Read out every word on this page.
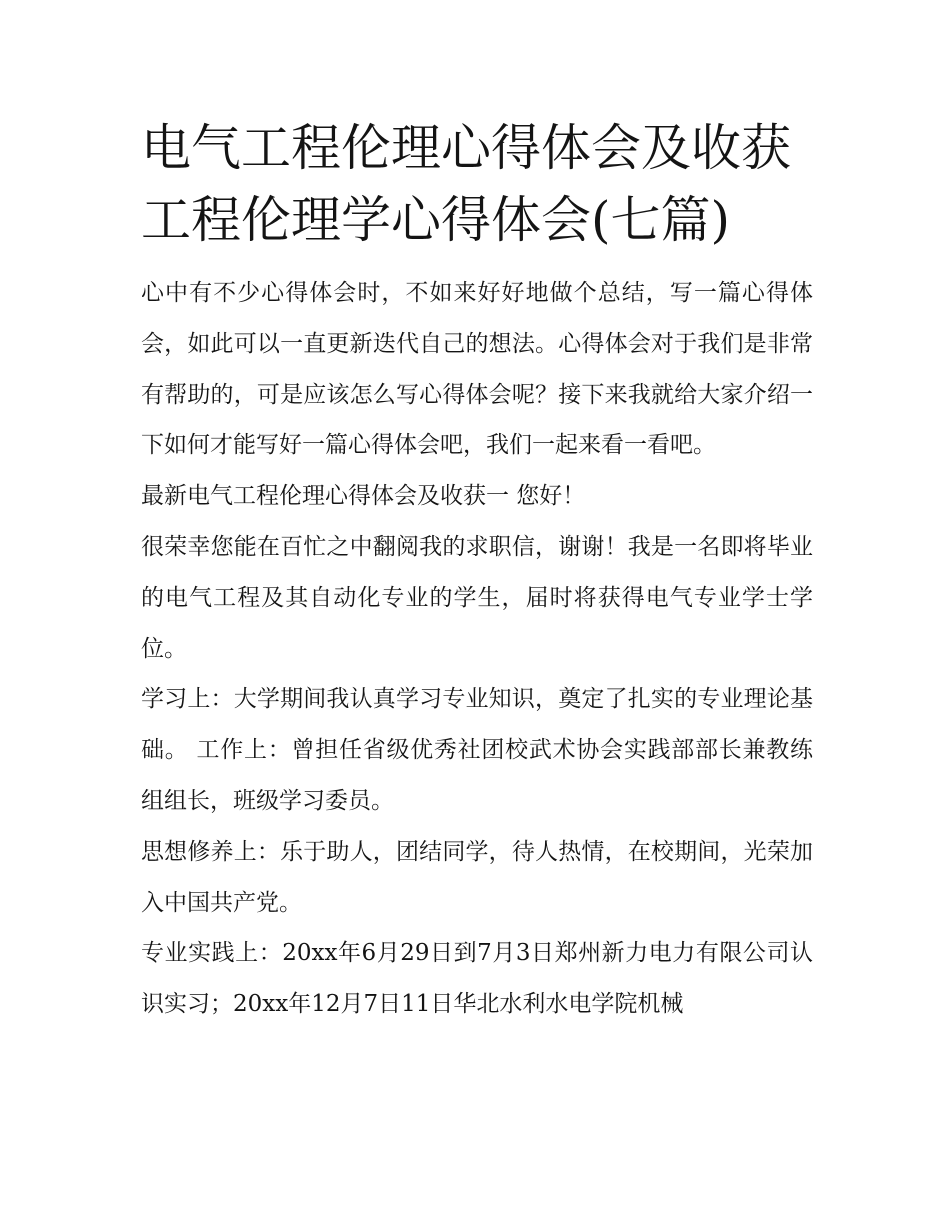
电气工程伦理心得体会及收获工程伦理学心得体会(七篇)

心中有不少心得体会时，不如来好好地做个总结，写一篇心得体会，如此可以一直更新迭代自己的想法。心得体会对于我们是非常有帮助的，可是应该怎么写心得体会呢？接下来我就给大家介绍一下如何才能写好一篇心得体会吧，我们一起来看一看吧。

最新电气工程伦理心得体会及收获一 您好！

很荣幸您能在百忙之中翻阅我的求职信，谢谢！我是一名即将毕业的电气工程及其自动化专业的学生，届时将获得电气专业学士学位。

学习上：大学期间我认真学习专业知识，奠定了扎实的专业理论基础。 工作上：曾担任省级优秀社团校武术协会实践部部长兼教练组组长，班级学习委员。

思想修养上：乐于助人，团结同学，待人热情，在校期间，光荣加入中国共产党。

专业实践上：20xx年6月29日到7月3日郑州新力电力有限公司认识实习；20xx年12月7日11日华北水利水电学院机械
